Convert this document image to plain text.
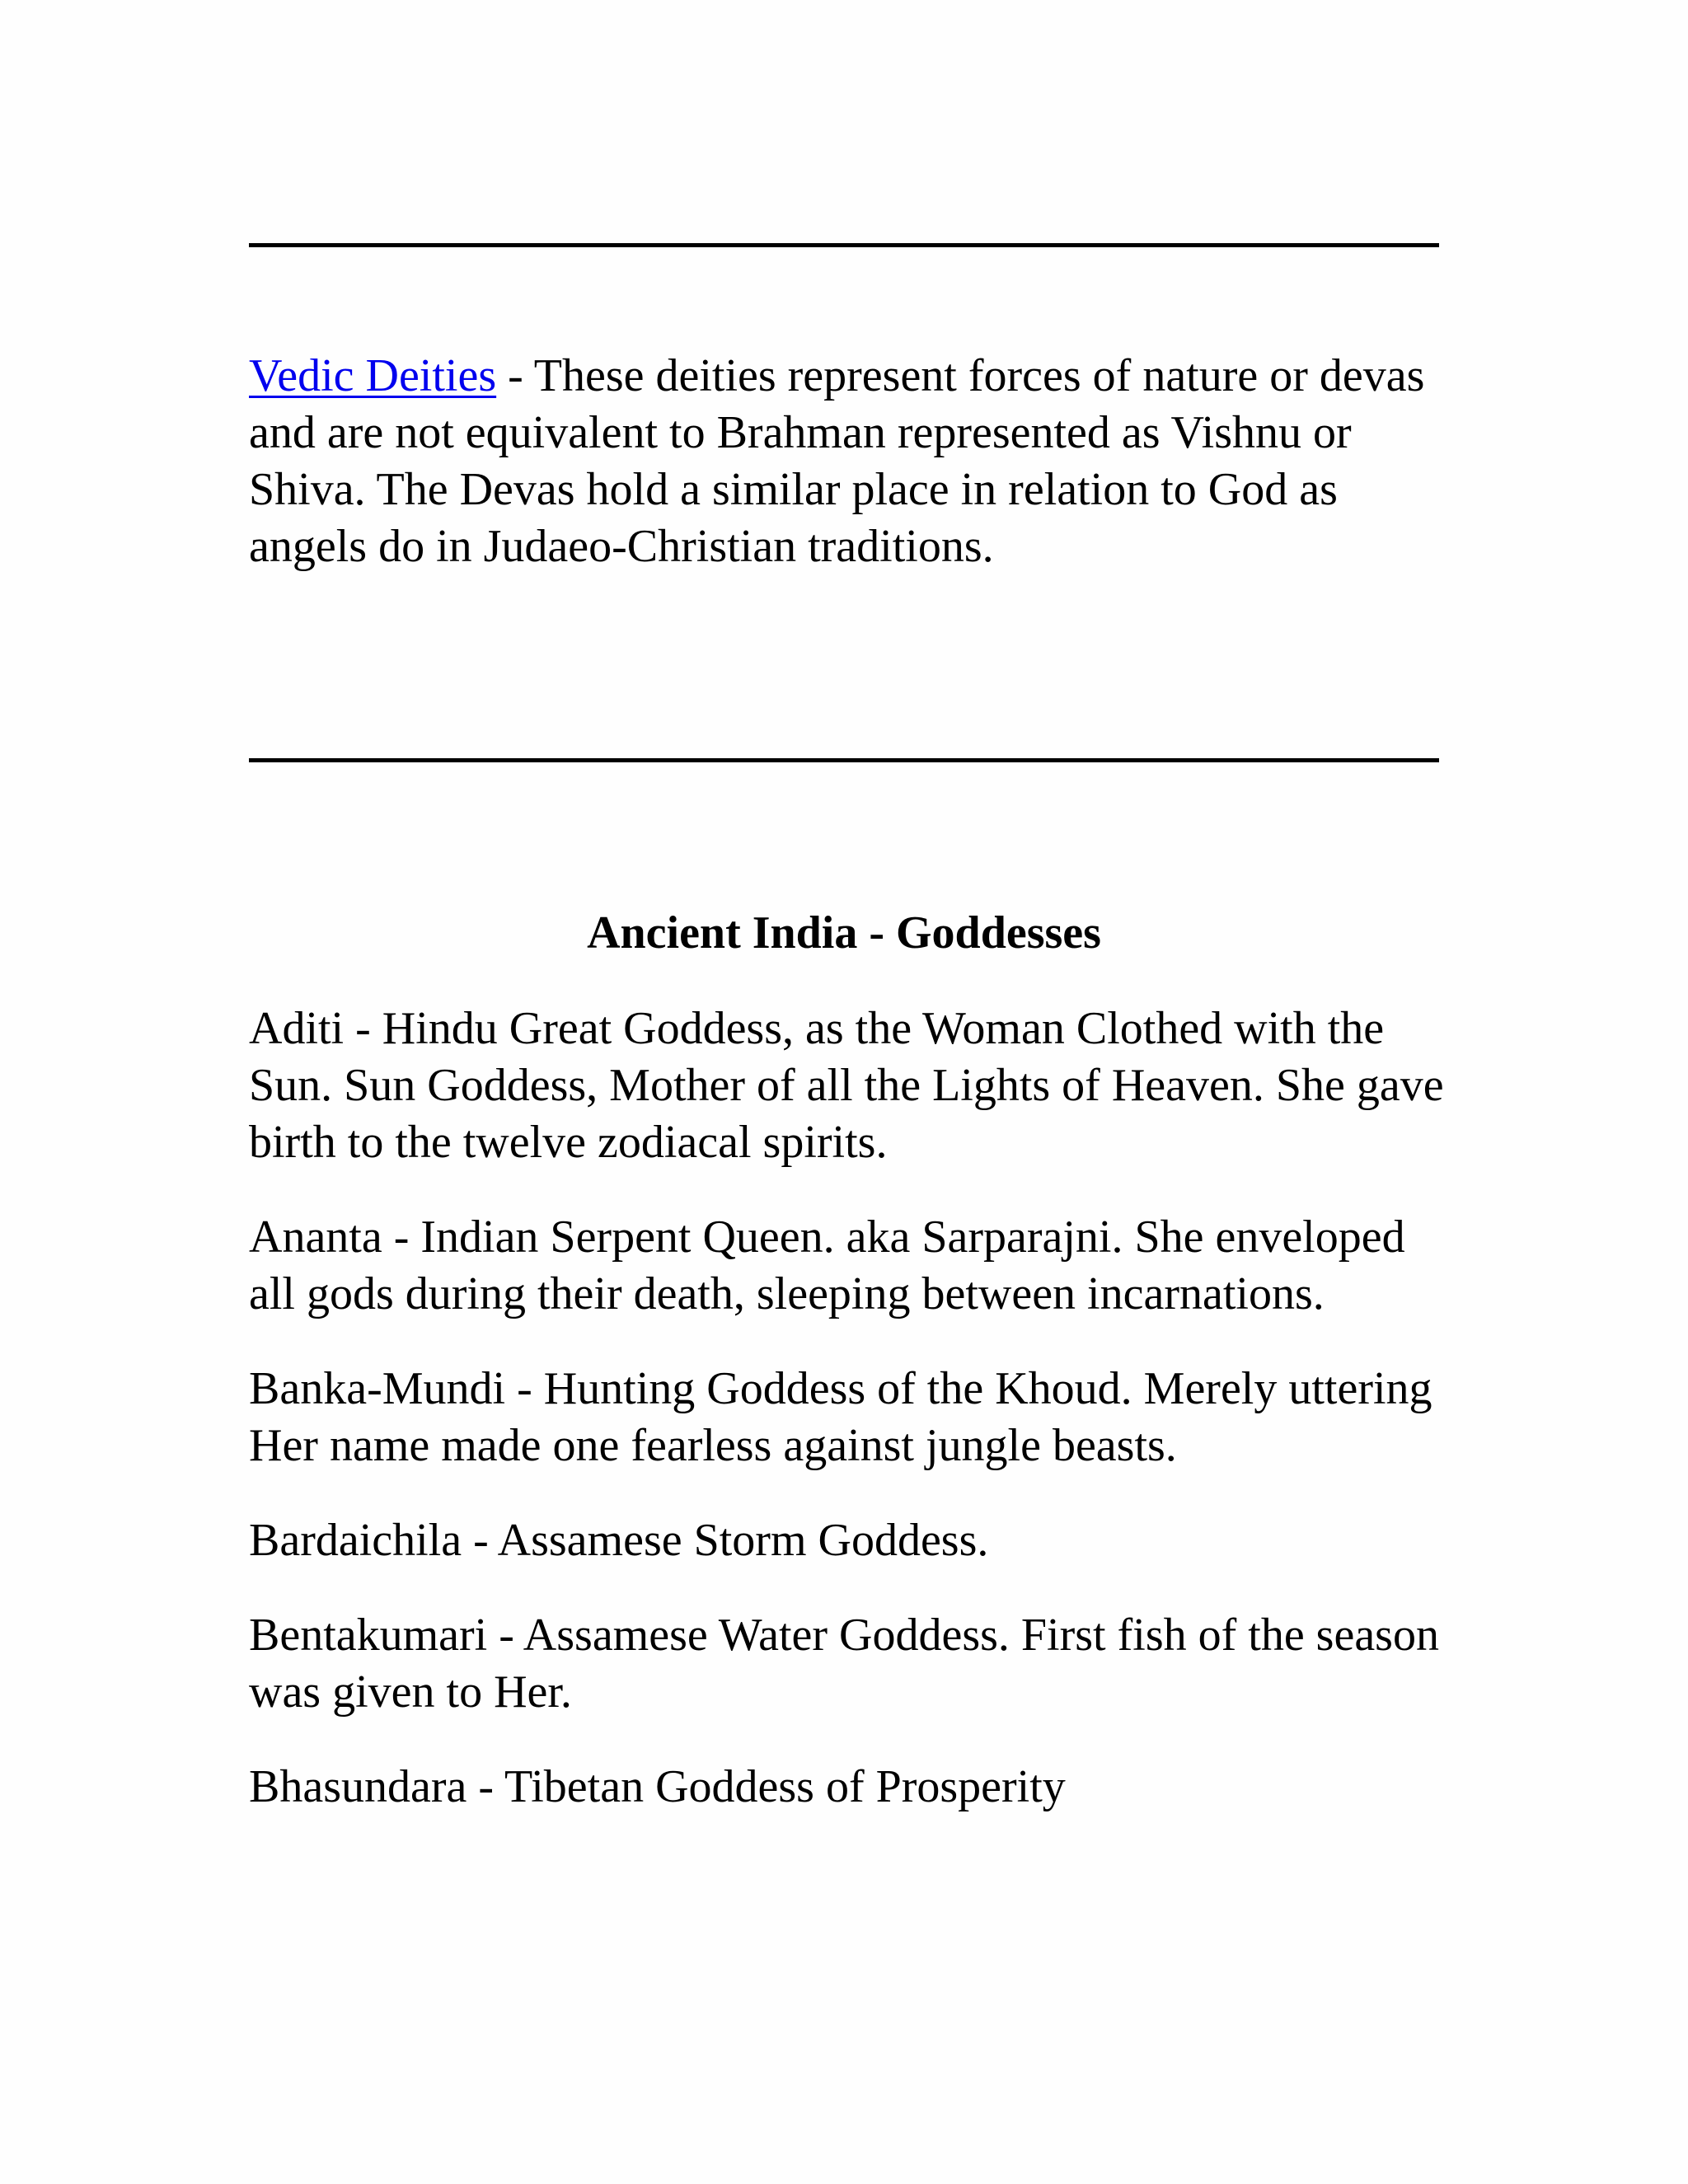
Vedic Deities - These deities represent forces of nature or devas and are not equivalent to Brahman represented as Vishnu or Shiva. The Devas hold a similar place in relation to God as angels do in Judaeo-Christian traditions.

Ancient India - Goddesses
Aditi - Hindu Great Goddess, as the Woman Clothed with the Sun. Sun Goddess, Mother of all the Lights of Heaven. She gave birth to the twelve zodiacal spirits.
Ananta - Indian Serpent Queen. aka Sarparajni. She enveloped all gods during their death, sleeping between incarnations.
Banka-Mundi - Hunting Goddess of the Khoud. Merely uttering Her name made one fearless against jungle beasts.
Bardaichila - Assamese Storm Goddess.
Bentakumari - Assamese Water Goddess. First fish of the season was given to Her.
Bhasundara - Tibetan Goddess of Prosperity
